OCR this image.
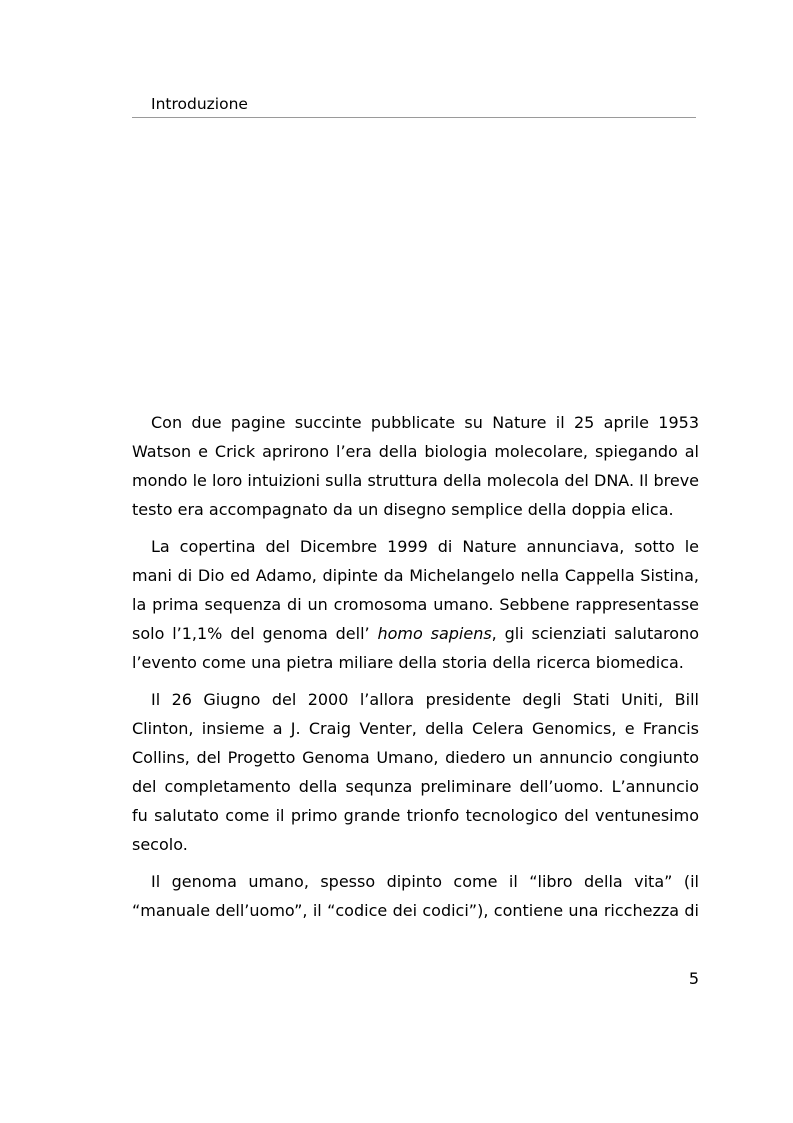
Introduzione

Con due pagine succinte pubblicate su Nature il 25 aprile 1953 Watson e Crick aprirono l’era della biologia molecolare, spiegando al mondo le loro intuizioni sulla struttura della molecola del DNA. Il breve testo era accompagnato da un disegno semplice della doppia elica.

La copertina del Dicembre 1999 di Nature annunciava, sotto le mani di Dio ed Adamo, dipinte da Michelangelo nella Cappella Sistina, la prima sequenza di un cromosoma umano. Sebbene rappresentasse solo l’1,1% del genoma dell’ homo sapiens, gli scienziati salutarono l’evento come una pietra miliare della storia della ricerca biomedica.

Il 26 Giugno del 2000 l’allora presidente degli Stati Uniti, Bill Clinton, insieme a J. Craig Venter, della Celera Genomics, e Francis Collins, del Progetto Genoma Umano, diedero un annuncio congiunto del completamento della sequnza preliminare dell’uomo. L’annuncio fu salutato come il primo grande trionfo tecnologico del ventunesimo secolo.

Il genoma umano, spesso dipinto come il “libro della vita” (il “manuale dell’uomo”, il “codice dei codici”), contiene una ricchezza di

5
